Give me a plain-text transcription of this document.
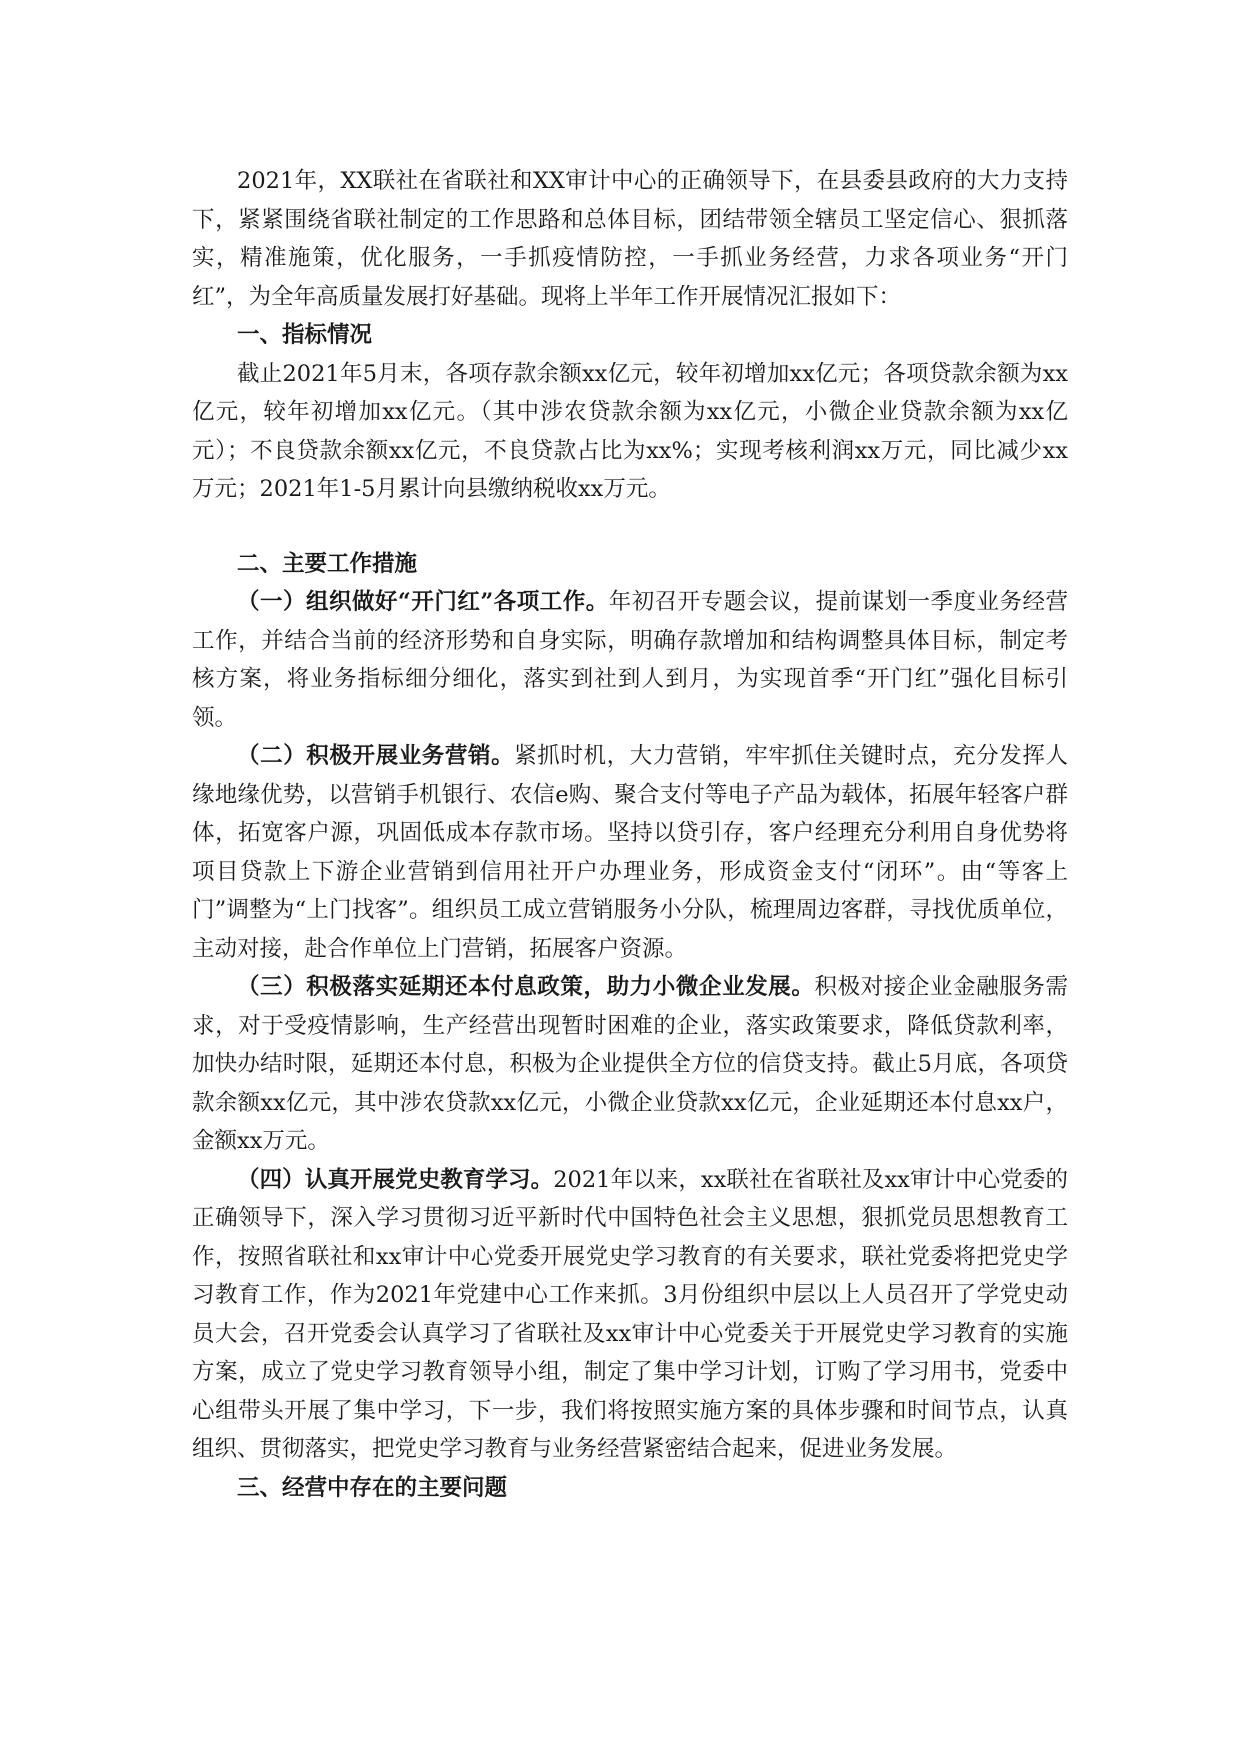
2021年，XX联社在省联社和XX审计中心的正确领导下，在县委县政府的大力支持下，紧紧围绕省联社制定的工作思路和总体目标，团结带领全辖员工坚定信心、狠抓落实，精准施策，优化服务，一手抓疫情防控，一手抓业务经营，力求各项业务“开门红”，为全年高质量发展打好基础。现将上半年工作开展情况汇报如下：

一、指标情况

截止2021年5月末，各项存款余额xx亿元，较年初增加xx亿元；各项贷款余额为xx亿元，较年初增加xx亿元。（其中涉农贷款余额为xx亿元，小微企业贷款余额为xx亿元）；不良贷款余额xx亿元，不良贷款占比为xx%；实现考核利润xx万元，同比减少xx万元；2021年1-5月累计向县缴纳税收xx万元。

二、主要工作措施

（一）组织做好“开门红”各项工作。年初召开专题会议，提前谋划一季度业务经营工作，并结合当前的经济形势和自身实际，明确存款增加和结构调整具体目标，制定考核方案，将业务指标细分细化，落实到社到人到月，为实现首季“开门红”强化目标引领。

（二）积极开展业务营销。紧抓时机，大力营销，牢牢抓住关键时点，充分发挥人缘地缘优势，以营销手机银行、农信e购、聚合支付等电子产品为载体，拓展年轻客户群体，拓宽客户源，巩固低成本存款市场。坚持以贷引存，客户经理充分利用自身优势将项目贷款上下游企业营销到信用社开户办理业务，形成资金支付“闭环”。由“等客上门”调整为“上门找客”。组织员工成立营销服务小分队，梳理周边客群，寻找优质单位，主动对接，赴合作单位上门营销，拓展客户资源。

（三）积极落实延期还本付息政策，助力小微企业发展。积极对接企业金融服务需求，对于受疫情影响，生产经营出现暂时困难的企业，落实政策要求，降低贷款利率，加快办结时限，延期还本付息，积极为企业提供全方位的信贷支持。截止5月底，各项贷款余额xx亿元，其中涉农贷款xx亿元，小微企业贷款xx亿元，企业延期还本付息xx户，金额xx万元。

（四）认真开展党史教育学习。2021年以来，xx联社在省联社及xx审计中心党委的正确领导下，深入学习贯彻习近平新时代中国特色社会主义思想，狠抓党员思想教育工作，按照省联社和xx审计中心党委开展党史学习教育的有关要求，联社党委将把党史学习教育工作，作为2021年党建中心工作来抓。3月份组织中层以上人员召开了学党史动员大会，召开党委会认真学习了省联社及xx审计中心党委关于开展党史学习教育的实施方案，成立了党史学习教育领导小组，制定了集中学习计划，订购了学习用书，党委中心组带头开展了集中学习，下一步，我们将按照实施方案的具体步骤和时间节点，认真组织、贯彻落实，把党史学习教育与业务经营紧密结合起来，促进业务发展。

三、经营中存在的主要问题
